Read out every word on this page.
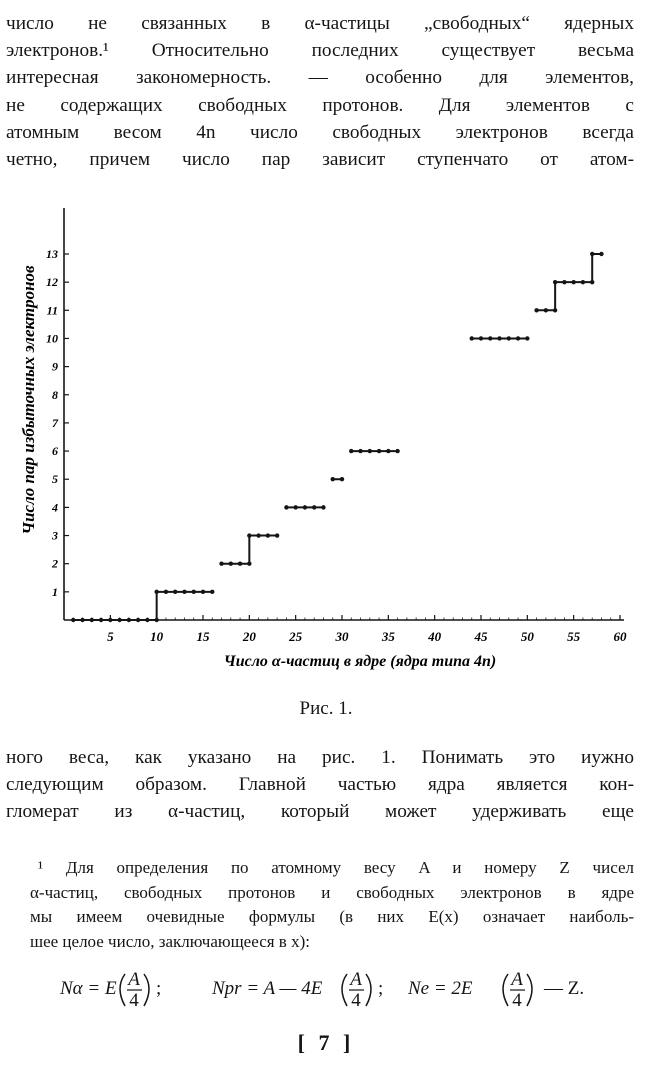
число не связанных в α-частицы „свободных“ ядерных
электронов.¹ Относительно последних существует весьма
интересная закономерность. — особенно для элементов,
не содержащих свободных протонов. Для элементов с
атомным весом 4n число свободных электронов всегда
четно, причем число пар зависит ступенчато от атом-
5	10	15	20	25	30	35	40	45	50	55	60
1
2
3
4
5
6
7
8
9
10
11
12
13
Число α-частиц в ядре (ядра типа 4n)
Число пар избыточных электронов
Рис. 1.
ного веса, как указано на рис. 1. Понимать это иужно
следующим образом. Главной частью ядра является кон-
гломерат из α-частиц, который может удерживать еще
¹ Для определения по атомному весу A и номеру Z чисел
α-частиц, свободных протонов и свободных электронов в ядре
мы имеем очевидные формулы (в них E(x) означает наиболь-
шее целое число, заключающееся в x):
Nα = E A
4
;	Npr = A — 4E A
4
; Ne = 2E A
4
— Z.
[ 7 ]
